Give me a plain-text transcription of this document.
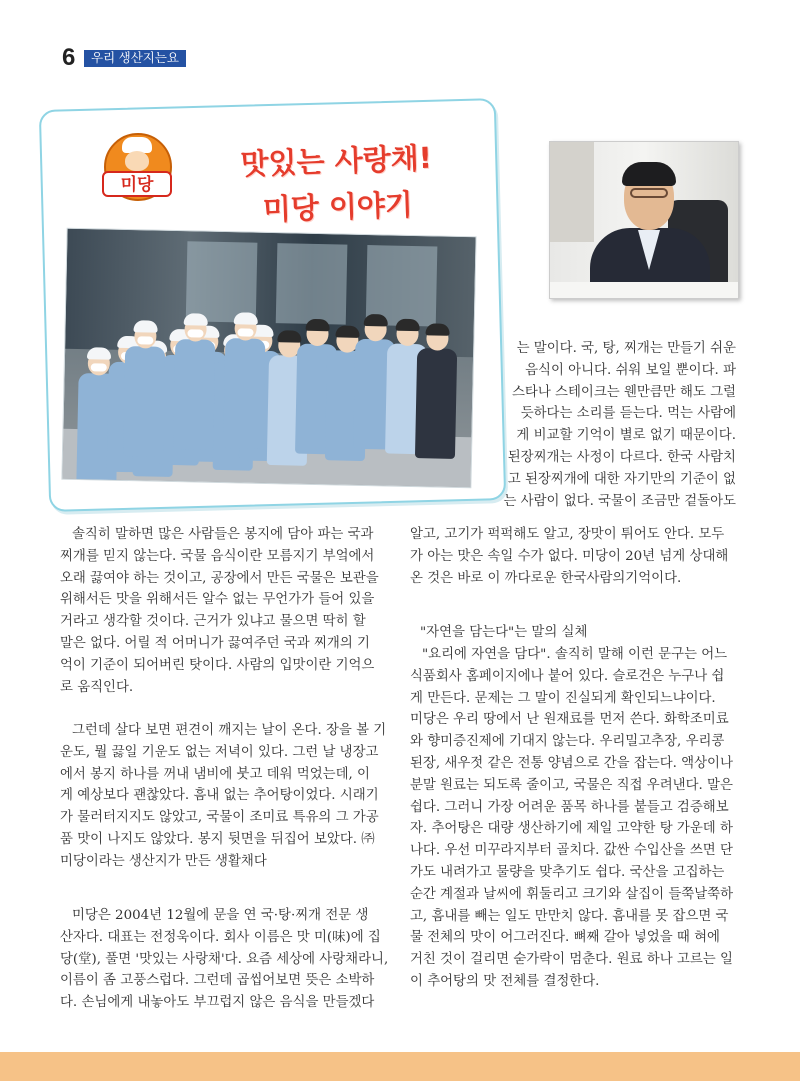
6	우리 생산지는요
미당
맛있는 사랑채!
미당 이야기
는 말이다. 국, 탕, 찌개는 만들기 쉬운
음식이 아니다. 쉬워 보일 뿐이다. 파
스타나 스테이크는 웬만큼만 해도 그럴
듯하다는 소리를 듣는다. 먹는 사람에
게 비교할 기억이 별로 없기 때문이다.
된장찌개는 사정이 다르다. 한국 사람치
고 된장찌개에 대한 자기만의 기준이 없
는 사람이 없다. 국물이 조금만 겉돌아도
솔직히 말하면 많은 사람들은 봉지에 담아 파는 국과
찌개를 믿지 않는다. 국물 음식이란 모름지기 부엌에서
오래 끓여야 하는 것이고, 공장에서 만든 국물은 보관을
위해서든 맛을 위해서든 알수 없는 무언가가 들어 있을
거라고 생각할 것이다. 근거가 있냐고 물으면 딱히 할
말은 없다. 어릴 적 어머니가 끓여주던 국과 찌개의 기
억이 기준이 되어버린 탓이다. 사람의 입맛이란 기억으
로 움직인다.
그런데 살다 보면 편견이 깨지는 날이 온다. 장을 볼 기
운도, 뭘 끓일 기운도 없는 저녁이 있다. 그런 날 냉장고
에서 봉지 하나를 꺼내 냄비에 붓고 데워 먹었는데, 이
게 예상보다 괜찮았다. 흠내 없는 추어탕이었다. 시래기
가 물러터지지도 않았고, 국물이 조미료 특유의 그 가공
품 맛이 나지도 않았다. 봉지 뒷면을 뒤집어 보았다. ㈜
미당이라는 생산지가 만든 생활채다
미당은 2004년 12월에 문을 연 국·탕·찌개 전문 생
산자다. 대표는 전정욱이다. 회사 이름은 맛 미(味)에 집
당(堂), 풀면 '맛있는 사랑채'다. 요즘 세상에 사랑채라니,
이름이 좀 고풍스럽다. 그런데 곱씹어보면 뜻은 소박하
다. 손님에게 내놓아도 부끄럽지 않은 음식을 만들겠다
알고, 고기가 퍽퍽해도 알고, 장맛이 튀어도 안다. 모두
가 아는 맛은 속일 수가 없다. 미당이 20년 넘게 상대해
온 것은 바로 이 까다로운 한국사람의기억이다.
"자연을 담는다"는 말의 실체
"요리에 자연을 담다". 솔직히 말해 이런 문구는 어느
식품회사 홈페이지에나 붙어 있다. 슬로건은 누구나 쉽
게 만든다. 문제는 그 말이 진실되게 확인되느냐이다.
미당은 우리 땅에서 난 원재료를 먼저 쓴다. 화학조미료
와 향미증진제에 기대지 않는다. 우리밀고추장, 우리콩
된장, 새우젓 같은 전통 양념으로 간을 잡는다. 액상이나
분말 원료는 되도록 줄이고, 국물은 직접 우려낸다. 말은
쉽다. 그러니 가장 어려운 품목 하나를 붙들고 검증해보
자. 추어탕은 대량 생산하기에 제일 고약한 탕 가운데 하
나다. 우선 미꾸라지부터 골치다. 값싼 수입산을 쓰면 단
가도 내려가고 물량을 맞추기도 쉽다. 국산을 고집하는
순간 계절과 날씨에 휘둘리고 크기와 살집이 들쭉날쭉하
고, 흠내를 빼는 일도 만만치 않다. 흠내를 못 잡으면 국
물 전체의 맛이 어그러진다. 뼈째 갈아 넣었을 때 혀에
거친 것이 걸리면 숟가락이 멈춘다. 원료 하나 고르는 일
이 추어탕의 맛 전체를 결정한다.
